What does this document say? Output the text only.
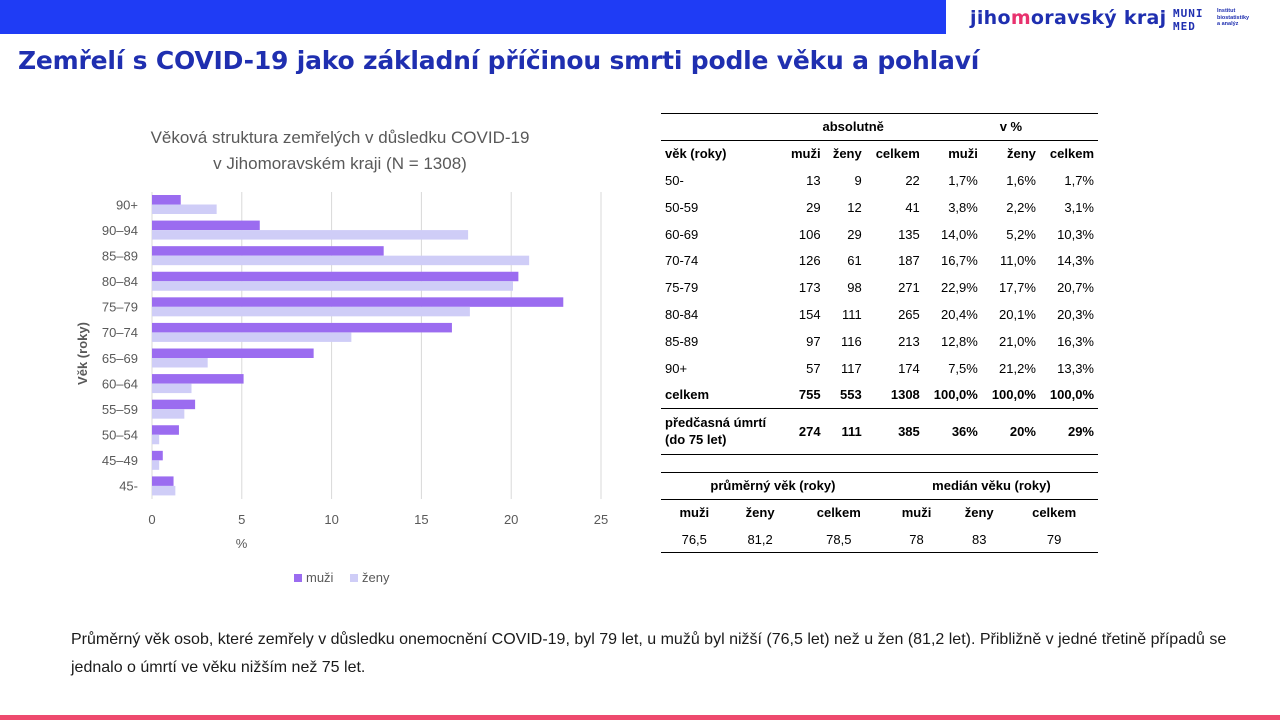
jihomoravský kraj MUNI
MED
Institut
biostatistiky
a analýz
Zemřelí s COVID-19 jako základní příčinou smrti podle věku a pohlaví
Věková struktura zemřelých v důsledku COVID-19
v Jihomoravském kraji (N = 1308)
0	5	10	15	20	25
90+
90–94
85–89
80–84
75–79
70–74
65–69
60–64
55–59
50–54
45–49
45-
%
Věk (roky)
muži ženy
	absolutně			v %		
věk (roky)	muži	ženy	celkem	muži	ženy	celkem
50-	13	9	22	1,7%	1,6%	1,7%
50-59	29	12	41	3,8%	2,2%	3,1%
60-69	106	29	135	14,0%	5,2%	10,3%
70-74	126	61	187	16,7%	11,0%	14,3%
75-79	173	98	271	22,9%	17,7%	20,7%
80-84	154	111	265	20,4%	20,1%	20,3%
85-89	97	116	213	12,8%	21,0%	16,3%
90+	57	117	174	7,5%	21,2%	13,3%
celkem	755	553	1308	100,0%	100,0%	100,0%

předčasná úmrtí
(do 75 let)	274	111	385	36%	20%	29%
průměrný věk (roky)			medián věku (roky)		
muži	ženy	celkem	muži	ženy	celkem
76,5	81,2	78,5	78	83	79
Průměrný věk osob, které zemřely v důsledku onemocnění COVID-19, byl 79 let, u mužů byl nižší (76,5 let) než u žen (81,2 let). Přibližně v jedné třetině případů se jednalo o úmrtí ve věku nižším než 75 let.
